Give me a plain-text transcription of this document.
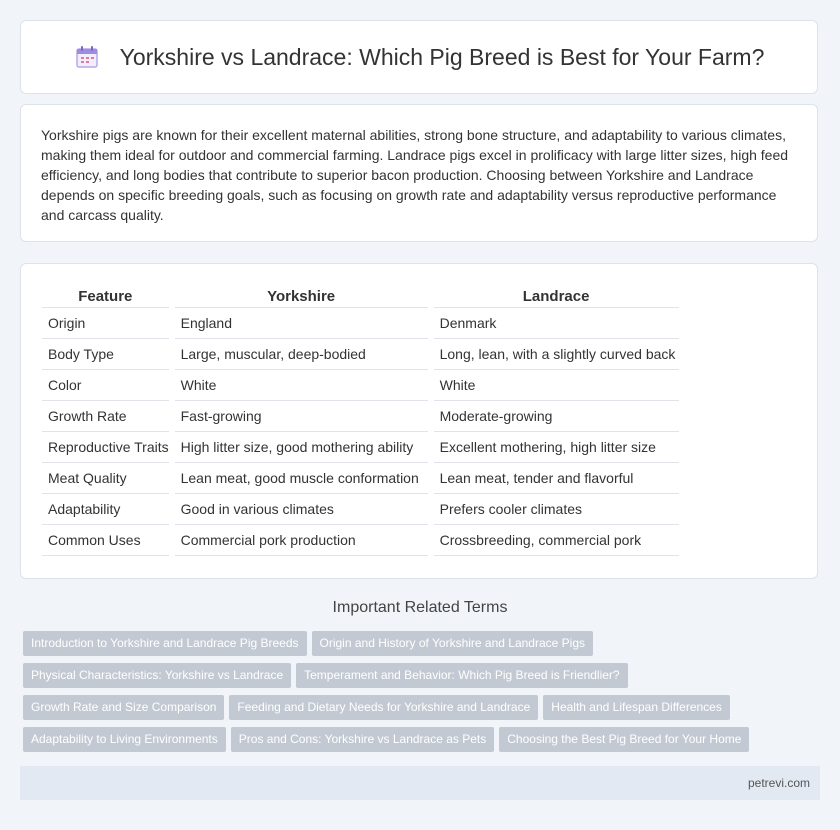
Yorkshire vs Landrace: Which Pig Breed is Best for Your Farm?

Yorkshire pigs are known for their excellent maternal abilities, strong bone structure, and adaptability to various climates, making them ideal for outdoor and commercial farming. Landrace pigs excel in prolificacy with large litter sizes, high feed efficiency, and long bodies that contribute to superior bacon production. Choosing between Yorkshire and Landrace depends on specific breeding goals, such as focusing on growth rate and adaptability versus reproductive performance and carcass quality.

Feature	Yorkshire	Landrace
Origin	England	Denmark
Body Type	Large, muscular, deep-bodied	Long, lean, with a slightly curved back
Color	White	White
Growth Rate	Fast-growing	Moderate-growing
Reproductive Traits	High litter size, good mothering ability	Excellent mothering, high litter size
Meat Quality	Lean meat, good muscle conformation	Lean meat, tender and flavorful
Adaptability	Good in various climates	Prefers cooler climates
Common Uses	Commercial pork production	Crossbreeding, commercial pork
Important Related Terms
Introduction to Yorkshire and Landrace Pig Breeds Origin and History of Yorkshire and Landrace Pigs
Physical Characteristics: Yorkshire vs Landrace Temperament and Behavior: Which Pig Breed is Friendlier?
Growth Rate and Size Comparison Feeding and Dietary Needs for Yorkshire and Landrace Health and Lifespan Differences
Adaptability to Living Environments Pros and Cons: Yorkshire vs Landrace as Pets Choosing the Best Pig Breed for Your Home
petrevi.com
